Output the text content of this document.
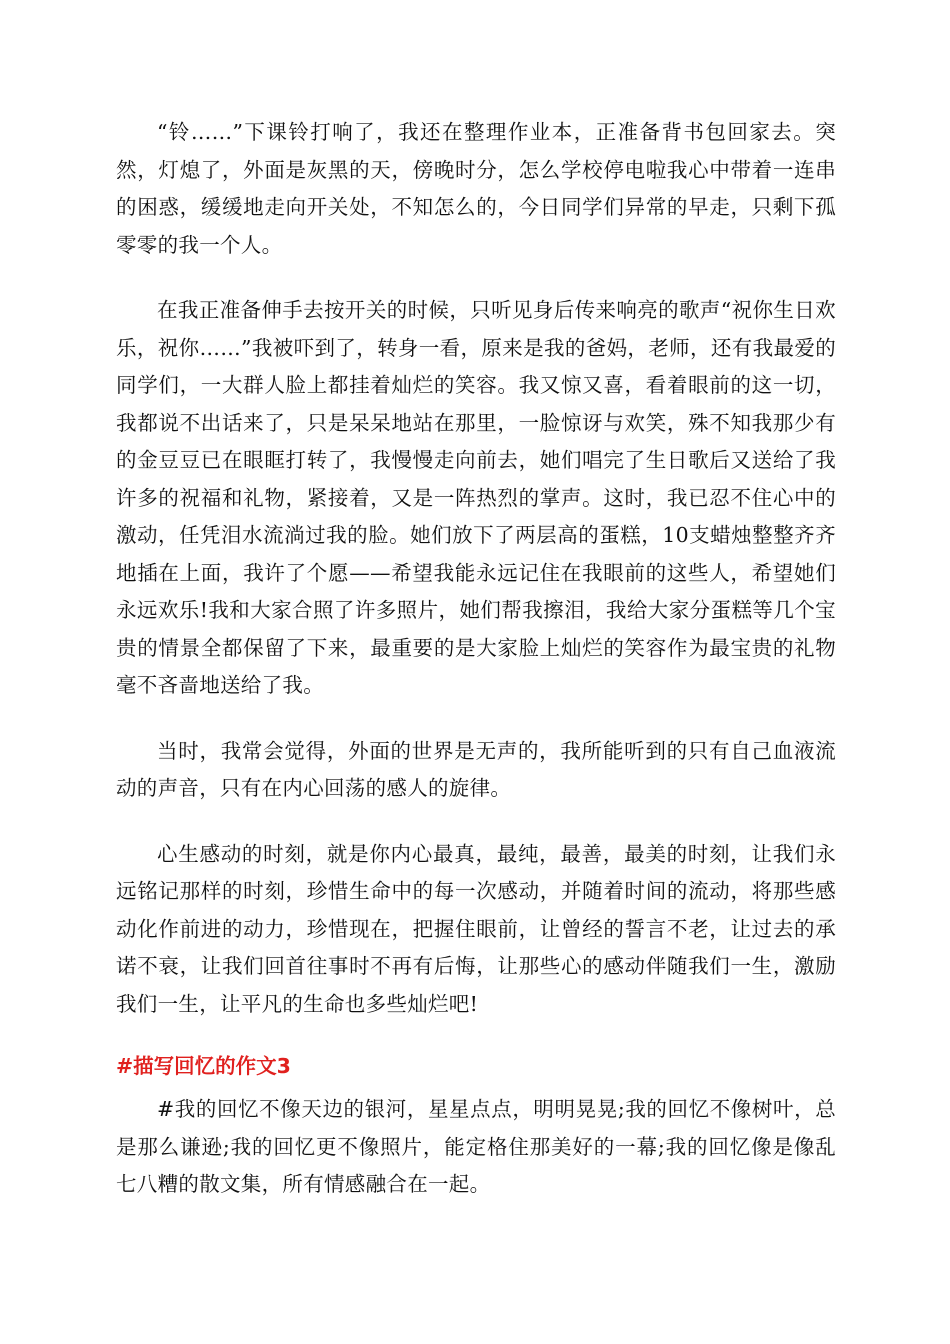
“铃……”下课铃打响了，我还在整理作业本，正准备背书包回家去。突然，灯熄了，外面是灰黑的天，傍晚时分，怎么学校停电啦我心中带着一连串的困惑，缓缓地走向开关处，不知怎么的，今日同学们异常的早走，只剩下孤零零的我一个人。

在我正准备伸手去按开关的时候，只听见身后传来响亮的歌声“祝你生日欢乐，祝你……”我被吓到了，转身一看，原来是我的爸妈，老师，还有我最爱的同学们，一大群人脸上都挂着灿烂的笑容。我又惊又喜，看着眼前的这一切，我都说不出话来了，只是呆呆地站在那里，一脸惊讶与欢笑，殊不知我那少有的金豆豆已在眼眶打转了，我慢慢走向前去，她们唱完了生日歌后又送给了我许多的祝福和礼物，紧接着，又是一阵热烈的掌声。这时，我已忍不住心中的激动，任凭泪水流淌过我的脸。她们放下了两层高的蛋糕，10支蜡烛整整齐齐地插在上面，我许了个愿——希望我能永远记住在我眼前的这些人，希望她们永远欢乐!我和大家合照了许多照片，她们帮我擦泪，我给大家分蛋糕等几个宝贵的情景全都保留了下来，最重要的是大家脸上灿烂的笑容作为最宝贵的礼物毫不吝啬地送给了我。

当时，我常会觉得，外面的世界是无声的，我所能听到的只有自己血液流动的声音，只有在内心回荡的感人的旋律。

心生感动的时刻，就是你内心最真，最纯，最善，最美的时刻，让我们永远铭记那样的时刻，珍惜生命中的每一次感动，并随着时间的流动，将那些感动化作前进的动力，珍惜现在，把握住眼前，让曾经的誓言不老，让过去的承诺不衰，让我们回首往事时不再有后悔，让那些心的感动伴随我们一生，激励我们一生，让平凡的生命也多些灿烂吧!

#描写回忆的作文3

#我的回忆不像天边的银河，星星点点，明明晃晃;我的回忆不像树叶，总是那么谦逊;我的回忆更不像照片，能定格住那美好的一幕;我的回忆像是像乱七八糟的散文集，所有情感融合在一起。
